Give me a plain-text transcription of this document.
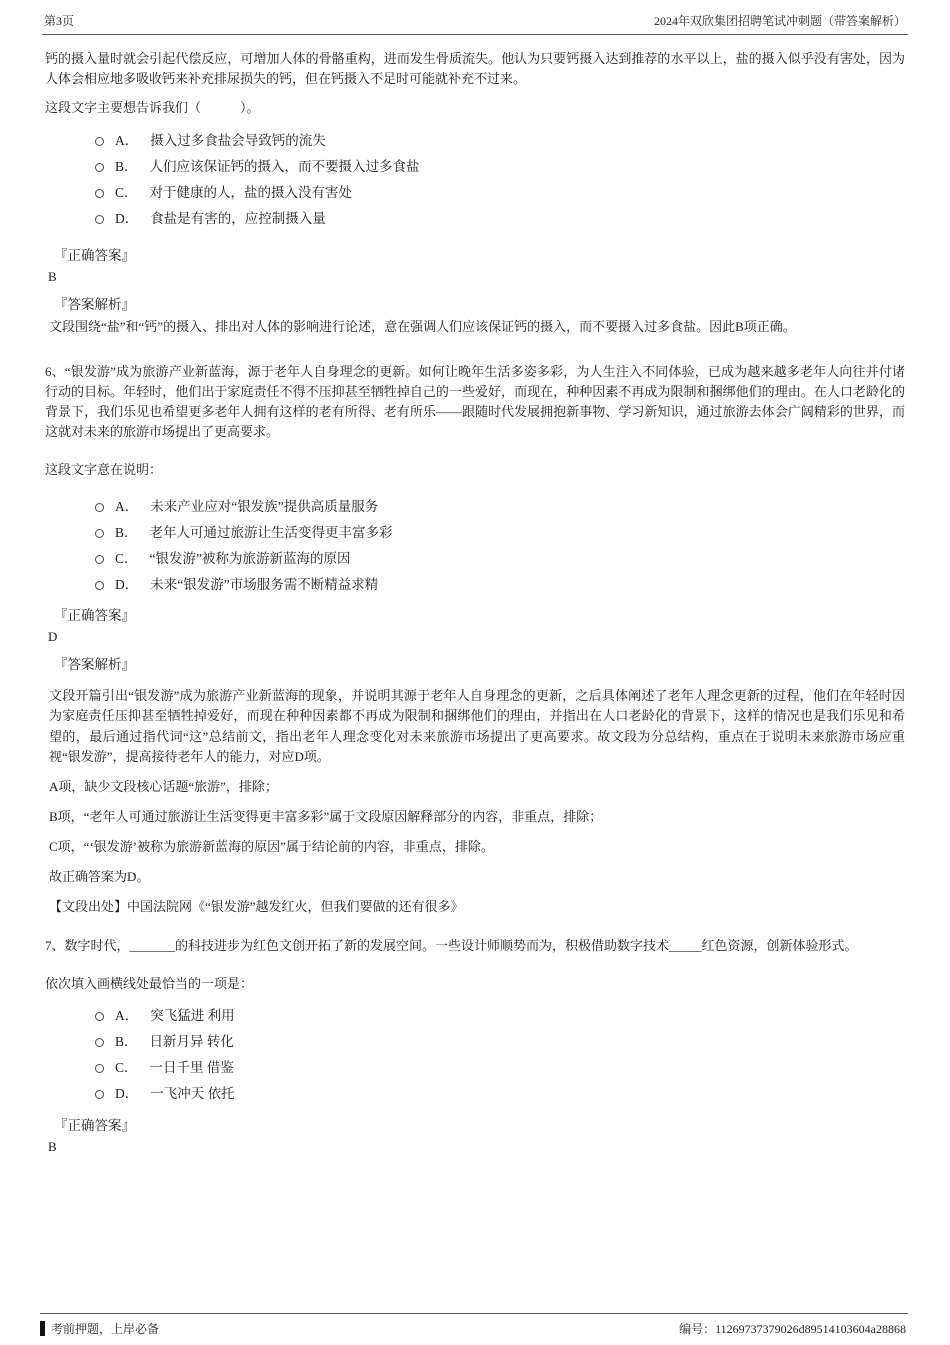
第3页	2024年双欣集团招聘笔试冲刺题（带答案解析）

钙的摄入量时就会引起代偿反应，可增加人体的骨骼重构，进而发生骨质流失。他认为只要钙摄入达到推荐的水平以上，盐的摄入似乎没有害处，因为人体会相应地多吸收钙来补充排尿损失的钙，但在钙摄入不足时可能就补充不过来。

这段文字主要想告诉我们（　　　）。

A． 摄入过多食盐会导致钙的流失
B． 人们应该保证钙的摄入，而不要摄入过多食盐
C． 对于健康的人，盐的摄入没有害处
D． 食盐是有害的，应控制摄入量

『正确答案』

B

『答案解析』

文段围绕“盐”和“钙”的摄入、排出对人体的影响进行论述，意在强调人们应该保证钙的摄入，而不要摄入过多食盐。因此B项正确。

6、“银发游”成为旅游产业新蓝海，源于老年人自身理念的更新。如何让晚年生活多姿多彩，为人生注入不同体验，已成为越来越多老年人向往并付诸行动的目标。年轻时，他们出于家庭责任不得不压抑甚至牺牲掉自己的一些爱好，而现在，种种因素不再成为限制和捆绑他们的理由。在人口老龄化的背景下，我们乐见也希望更多老年人拥有这样的老有所得、老有所乐——跟随时代发展拥抱新事物、学习新知识，通过旅游去体会广阔精彩的世界，而这就对未来的旅游市场提出了更高要求。

这段文字意在说明：

A． 未来产业应对“银发族”提供高质量服务
B． 老年人可通过旅游让生活变得更丰富多彩
C． “银发游”被称为旅游新蓝海的原因
D． 未来“银发游”市场服务需不断精益求精

『正确答案』

D

『答案解析』

文段开篇引出“银发游”成为旅游产业新蓝海的现象，并说明其源于老年人自身理念的更新，之后具体阐述了老年人理念更新的过程，他们在年轻时因为家庭责任压抑甚至牺牲掉爱好，而现在种种因素都不再成为限制和捆绑他们的理由，并指出在人口老龄化的背景下，这样的情况也是我们乐见和希望的，最后通过指代词“这”总结前文，指出老年人理念变化对未来旅游市场提出了更高要求。故文段为分总结构，重点在于说明未来旅游市场应重视“银发游”，提高接待老年人的能力，对应D项。

A项，缺少文段核心话题“旅游”，排除；

B项，“老年人可通过旅游让生活变得更丰富多彩”属于文段原因解释部分的内容，非重点，排除；

C项，“‘银发游’被称为旅游新蓝海的原因”属于结论前的内容，非重点，排除。

故正确答案为D。

【文段出处】中国法院网《“银发游”越发红火，但我们要做的还有很多》

7、数字时代，_______的科技进步为红色文创开拓了新的发展空间。一些设计师顺势而为，积极借助数字技术_____红色资源，创新体验形式。

依次填入画横线处最恰当的一项是：

A． 突飞猛进 利用
B． 日新月异 转化
C． 一日千里 借鉴
D． 一飞冲天 依托

『正确答案』

B

考前押题，上岸必备	编号：11269737379026d89514103604a28868
